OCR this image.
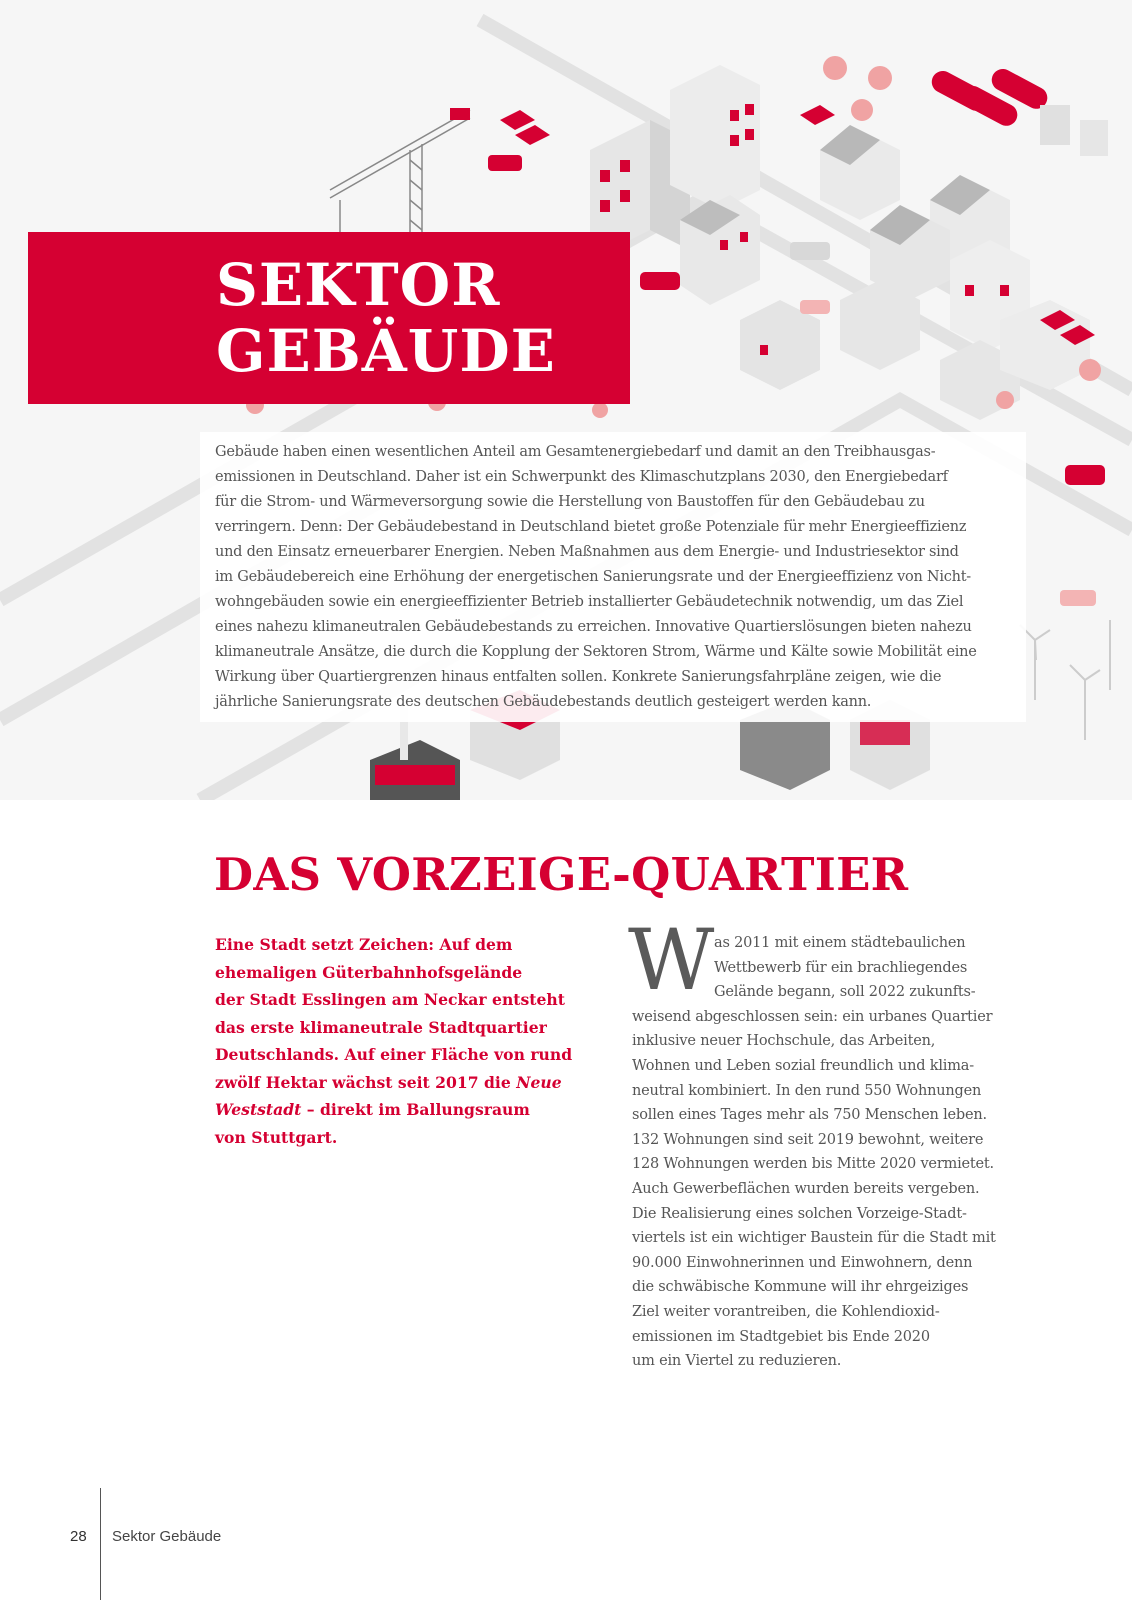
SEKTOR
GEBÄUDE

Gebäude haben einen wesentlichen Anteil am Gesamtenergiebedarf und damit an den Treibhausgas-
emissionen in Deutschland. Daher ist ein Schwerpunkt des Klimaschutzplans 2030, den Energiebedarf
für die Strom- und Wärmeversorgung sowie die Herstellung von Baustoffen für den Gebäudebau zu
verringern. Denn: Der Gebäudebestand in Deutschland bietet große Potenziale für mehr Energieeffizienz
und den Einsatz erneuerbarer Energien. Neben Maßnahmen aus dem Energie- und Industriesektor sind
im Gebäudebereich eine Erhöhung der energetischen Sanierungsrate und der Energieeffizienz von Nicht-
wohngebäuden sowie ein energieeffizienter Betrieb installierter Gebäudetechnik notwendig, um das Ziel
eines nahezu klimaneutralen Gebäudebestands zu erreichen. Innovative Quartierslösungen bieten nahezu
klimaneutrale Ansätze, die durch die Kopplung der Sektoren Strom, Wärme und Kälte sowie Mobilität eine
Wirkung über Quartiergrenzen hinaus entfalten sollen. Konkrete Sanierungsfahrpläne zeigen, wie die
jährliche Sanierungsrate des deutschen Gebäudebestands deutlich gesteigert werden kann.

DAS VORZEIGE-QUARTIER

Eine Stadt setzt Zeichen: Auf dem
ehemaligen Güterbahnhofsgelände
der Stadt Esslingen am Neckar entsteht
das erste klimaneutrale Stadtquartier
Deutschlands. Auf einer Fläche von rund
zwölf Hektar wächst seit 2017 die Neue
Weststadt – direkt im Ballungsraum
von Stuttgart.

W as 2011 mit einem städtebaulichen
Wettbewerb für ein brachliegendes
Gelände begann, soll 2022 zukunfts-
weisend abgeschlossen sein: ein urbanes Quartier
inklusive neuer Hochschule, das Arbeiten,
Wohnen und Leben sozial freundlich und klima-
neutral kombiniert. In den rund 550 Wohnungen
sollen eines Tages mehr als 750 Menschen leben.
132 Wohnungen sind seit 2019 bewohnt, weitere
128 Wohnungen werden bis Mitte 2020 vermietet.
Auch Gewerbeflächen wurden bereits vergeben.
Die Realisierung eines solchen Vorzeige-Stadt-
viertels ist ein wichtiger Baustein für die Stadt mit
90.000 Einwohnerinnen und Einwohnern, denn
die schwäbische Kommune will ihr ehrgeiziges
Ziel weiter vorantreiben, die Kohlendioxid-
emissionen im Stadtgebiet bis Ende 2020
um ein Viertel zu reduzieren.

28 Sektor Gebäude
